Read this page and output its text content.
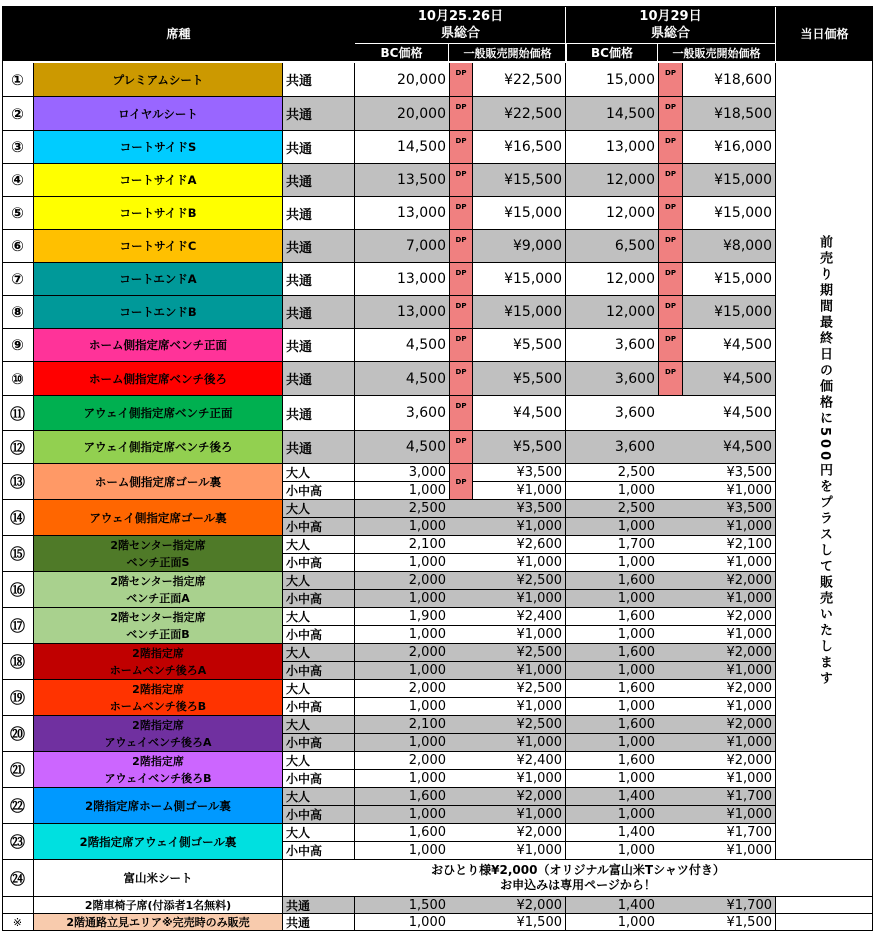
席種
10月25.26日
県総合
10月29日
県総合
BC価格	一般販売開始価格	BC価格	一般販売開始価格
当日価格
①	プレミアムシート	共通	20,000	¥22,500	15,000	¥18,600
DP	DP
②	ロイヤルシート	共通	20,000	¥22,500	14,500	¥18,500
DP	DP
③	コートサイドS	共通	14,500	¥16,500	13,000	¥16,000
DP	DP
④	コートサイドA	共通	13,500	¥15,500	12,000	¥15,000
DP	DP
⑤	コートサイドB	共通	13,000	¥15,000	12,000	¥15,000
DP	DP
⑥	コートサイドC	共通	7,000	¥9,000	6,500	¥8,000
DP	DP
⑦	コートエンドA	共通	13,000	¥15,000	12,000	¥15,000
DP	DP
⑧	コートエンドB	共通	13,000	¥15,000	12,000	¥15,000
DP	DP
⑨	ホーム側指定席ベンチ正面	共通	4,500	¥5,500	3,600	¥4,500
DP	DP
⑩	ホーム側指定席ベンチ後ろ	共通	4,500	¥5,500	3,600	¥4,500
DP	DP
⑪	アウェイ側指定席ベンチ正面	共通	3,600	¥4,500	3,600	¥4,500
DP
⑫	アウェイ側指定席ベンチ後ろ	共通	4,500	¥5,500	3,600	¥4,500
DP
⑬	ホーム側指定席ゴール裏
大人	3,000	¥3,500	2,500	¥3,500
小中高	1,000	¥1,000	1,000	¥1,000
DP
⑭	アウェイ側指定席ゴール裏
大人	2,500	¥3,500	2,500	¥3,500
小中高	1,000	¥1,000	1,000	¥1,000
⑮	2階センター指定席
ベンチ正面S
大人	2,100	¥2,600	1,700	¥2,100
小中高	1,000	¥1,000	1,000	¥1,000
⑯	2階センター指定席
ベンチ正面A
大人	2,000	¥2,500	1,600	¥2,000
小中高	1,000	¥1,000	1,000	¥1,000
⑰	2階センター指定席
ベンチ正面B
大人	1,900	¥2,400	1,600	¥2,000
小中高	1,000	¥1,000	1,000	¥1,000
⑱	2階指定席
ホームベンチ後ろA
大人	2,000	¥2,500	1,600	¥2,000
小中高	1,000	¥1,000	1,000	¥1,000
⑲	2階指定席
ホームベンチ後ろB
大人	2,000	¥2,500	1,600	¥2,000
小中高	1,000	¥1,000	1,000	¥1,000
⑳	2階指定席
アウェイベンチ後ろA
大人	2,100	¥2,500	1,600	¥2,000
小中高	1,000	¥1,000	1,000	¥1,000
㉑	2階指定席
アウェイベンチ後ろB
大人	2,000	¥2,400	1,600	¥2,000
小中高	1,000	¥1,000	1,000	¥1,000
㉒	2階指定席ホーム側ゴール裏
大人	1,600	¥2,000	1,400	¥1,700
小中高	1,000	¥1,000	1,000	¥1,000
㉓	2階指定席アウェイ側ゴール裏
大人	1,600	¥2,000	1,400	¥1,700
小中高	1,000	¥1,000	1,000	¥1,000
前売り期間最終日の価格に500円をプラスして販売いたします
㉔	富山米シート
おひとり様¥2,000（オリジナル富山米Tシャツ付き）
お申込みは専用ページから！
2階車椅子席(付添者1名無料)	共通	1,500	¥2,000	1,400	¥1,700
※	2階通路立見エリア※完売時のみ販売	共通	1,000	¥1,500	1,000	¥1,500
